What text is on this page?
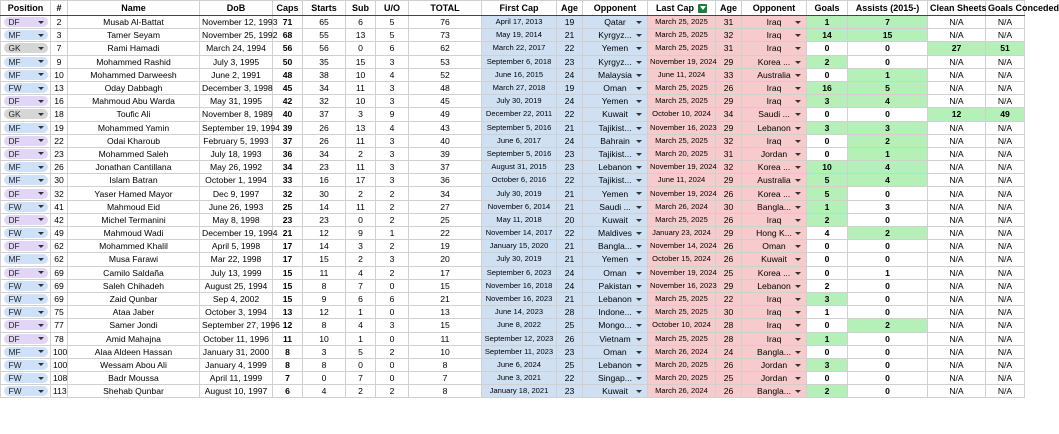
Position	#	Name	DoB	Caps	Starts	Sub	U/O	TOTAL	First Cap	Age	Opponent	Last Cap	Age	Opponent	Goals	Assists (2015-)	Clean Sheets	Goals Conceded
DF	2	Musab Al-Battat	November 12, 1993	71	65	6	5	76	April 17, 2013	19	Qatar	March 25, 2025	31	Iraq	1	7	N/A	N/A
MF	3	Tamer Seyam	November 25, 1992	68	55	13	5	73	May 19, 2014	21	Kyrgyz...	March 25, 2025	32	Iraq	14	15	N/A	N/A
GK	7	Rami Hamadi	March 24, 1994	56	56	0	6	62	March 22, 2017	22	Yemen	March 25, 2025	31	Iraq	0	0	27	51
MF	9	Mohammed Rashid	July 3, 1995	50	35	15	3	53	September 6, 2018	23	Kyrgyz...	November 19, 2024	29	Korea ...	2	0	N/A	N/A
MF	10	Mohammed Darweesh	June 2, 1991	48	38	10	4	52	June 16, 2015	24	Malaysia	June 11, 2024	33	Australia	0	1	N/A	N/A
FW	13	Oday Dabbagh	December 3, 1998	45	34	11	3	48	March 27, 2018	19	Oman	March 25, 2025	26	Iraq	16	5	N/A	N/A
DF	16	Mahmoud Abu Warda	May 31, 1995	42	32	10	3	45	July 30, 2019	24	Yemen	March 25, 2025	29	Iraq	3	4	N/A	N/A
GK	18	Toufic Ali	November 8, 1989	40	37	3	9	49	December 22, 2011	22	Kuwait	October 10, 2024	34	Saudi ...	0	0	12	49
MF	19	Mohammed Yamin	September 19, 1994	39	26	13	4	43	September 5, 2016	21	Tajikist...	November 16, 2023	29	Lebanon	3	3	N/A	N/A
DF	22	Odai Kharoub	February 5, 1993	37	26	11	3	40	June 6, 2017	24	Bahrain	March 25, 2025	32	Iraq	0	2	N/A	N/A
DF	23	Mohammed Saleh	July 18, 1993	36	34	2	3	39	September 5, 2016	23	Tajikist...	March 20, 2025	31	Jordan	0	1	N/A	N/A
MF	26	Jonathan Cantillana	May 26, 1992	34	23	11	3	37	August 31, 2015	23	Lebanon	November 19, 2024	32	Korea ...	10	4	N/A	N/A
MF	30	Islam Batran	October 1, 1994	33	16	17	3	36	October 6, 2016	22	Tajikist...	June 11, 2024	29	Australia	5	4	N/A	N/A
DF	32	Yaser Hamed Mayor	Dec 9, 1997	32	30	2	2	34	July 30, 2019	21	Yemen	November 19, 2024	26	Korea ...	5	0	N/A	N/A
FW	41	Mahmoud Eid	June 26, 1993	25	14	11	2	27	November 6, 2014	21	Saudi ...	March 26, 2024	30	Bangla...	1	3	N/A	N/A
DF	42	Michel Termanini	May 8, 1998	23	23	0	2	25	May 11, 2018	20	Kuwait	March 25, 2025	26	Iraq	2	0	N/A	N/A
FW	49	Mahmoud Wadi	December 19, 1994	21	12	9	1	22	November 14, 2017	22	Maldives	January 23, 2024	29	Hong K...	4	2	N/A	N/A
DF	62	Mohammed Khalil	April 5, 1998	17	14	3	2	19	January 15, 2020	21	Bangla...	November 14, 2024	26	Oman	0	0	N/A	N/A
MF	62	Musa Farawi	Mar 22, 1998	17	15	2	3	20	July 30, 2019	21	Yemen	October 15, 2024	26	Kuwait	0	0	N/A	N/A
DF	69	Camilo Saldaña	July 13, 1999	15	11	4	2	17	September 6, 2023	24	Oman	November 19, 2024	25	Korea ...	0	1	N/A	N/A
FW	69	Saleh Chihadeh	August 25, 1994	15	8	7	0	15	November 16, 2018	24	Pakistan	November 16, 2023	29	Lebanon	2	0	N/A	N/A
FW	69	Zaid Qunbar	Sep 4, 2002	15	9	6	6	21	November 16, 2023	21	Lebanon	March 25, 2025	22	Iraq	3	0	N/A	N/A
FW	75	Ataa Jaber	October 3, 1994	13	12	1	0	13	June 14, 2023	28	Indone...	March 25, 2025	30	Iraq	1	0	N/A	N/A
DF	77	Samer Jondi	September 27, 1996	12	8	4	3	15	June 8, 2022	25	Mongo...	October 10, 2024	28	Iraq	0	2	N/A	N/A
DF	78	Amid Mahajna	October 11, 1996	11	10	1	0	11	September 12, 2023	26	Vietnam	March 25, 2025	28	Iraq	1	0	N/A	N/A
MF	100	Alaa Aldeen Hassan	January 31, 2000	8	3	5	2	10	September 11, 2023	23	Oman	March 26, 2024	24	Bangla...	0	0	N/A	N/A
FW	100	Wessam Abou Ali	January 4, 1999	8	8	0	0	8	June 6, 2024	25	Lebanon	March 20, 2025	26	Jordan	3	0	N/A	N/A
FW	108	Badr Moussa	April 11, 1999	7	0	7	0	7	June 3, 2021	22	Singap...	March 20, 2025	25	Jordan	0	0	N/A	N/A
FW	113	Shehab Qunbar	August 10, 1997	6	4	2	2	8	January 18, 2021	23	Kuwait	March 26, 2024	26	Bangla...	2	0	N/A	N/A
